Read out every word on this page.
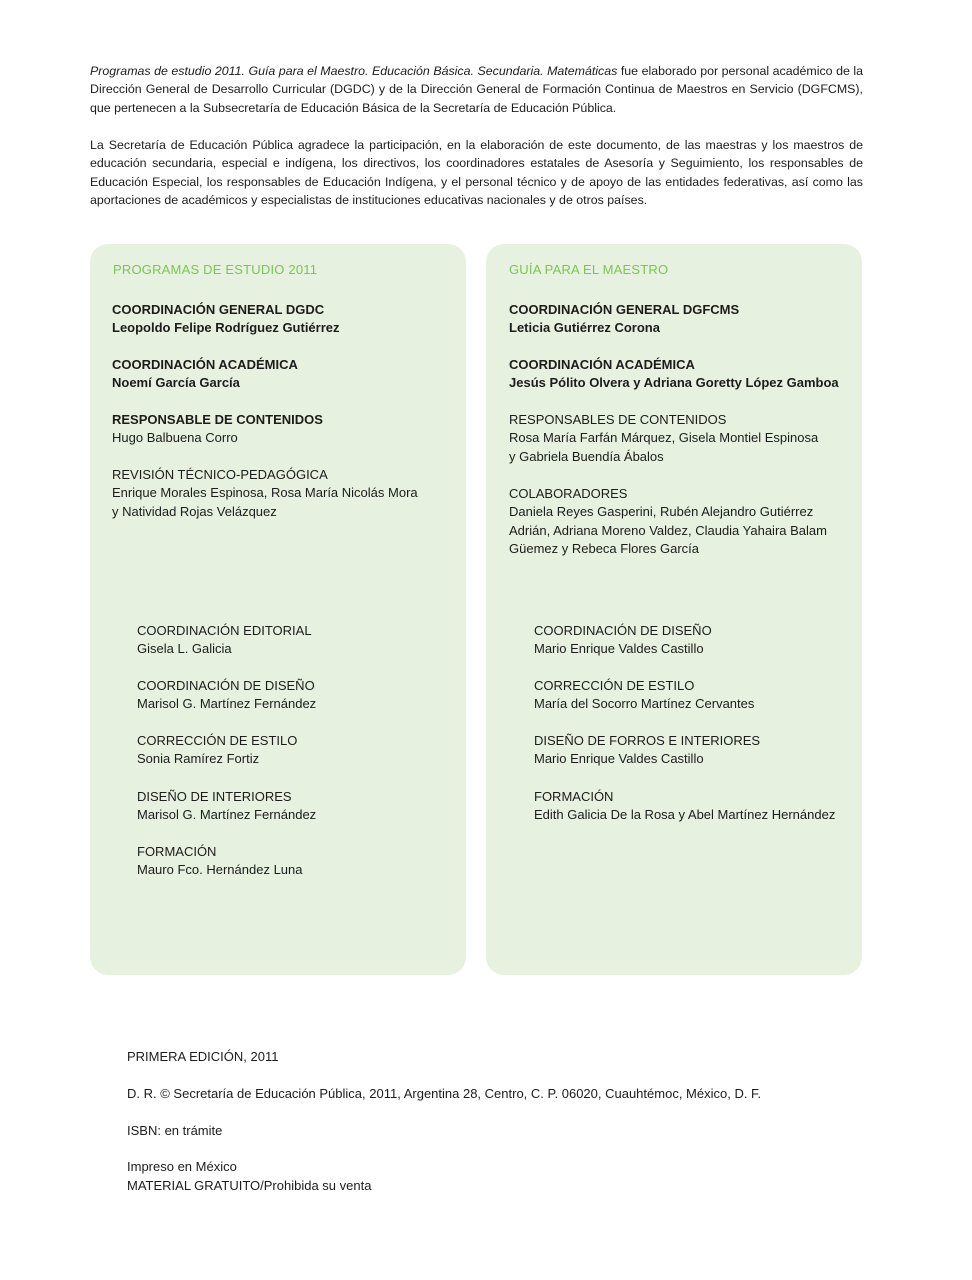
Programas de estudio 2011. Guía para el Maestro. Educación Básica. Secundaria. Matemáticas fue elaborado por personal académico de la Dirección General de Desarrollo Curricular (DGDC) y de la Dirección General de Formación Continua de Maestros en Servicio (DGFCMS), que pertenecen a la Subsecretaría de Educación Básica de la Secretaría de Educación Pública.

La Secretaría de Educación Pública agradece la participación, en la elaboración de este documento, de las maestras y los maestros de educación secundaria, especial e indígena, los directivos, los coordinadores estatales de Asesoría y Seguimiento, los responsables de Educación Especial, los responsables de Educación Indígena, y el personal técnico y de apoyo de las entidades federativas, así como las aportaciones de académicos y especialistas de instituciones educativas nacionales y de otros países.

PROGRAMAS DE ESTUDIO 2011
COORDINACIÓN GENERAL DGDC
Leopoldo Felipe Rodríguez Gutiérrez
COORDINACIÓN ACADÉMICA
Noemí García García
RESPONSABLE DE CONTENIDOS
Hugo Balbuena Corro
REVISIÓN TÉCNICO-PEDAGÓGICA
Enrique Morales Espinosa, Rosa María Nicolás Mora
y Natividad Rojas Velázquez
COORDINACIÓN EDITORIAL
Gisela L. Galicia
COORDINACIÓN DE DISEÑO
Marisol G. Martínez Fernández
CORRECCIÓN DE ESTILO
Sonia Ramírez Fortiz
DISEÑO DE INTERIORES
Marisol G. Martínez Fernández
FORMACIÓN
Mauro Fco. Hernández Luna
GUÍA PARA EL MAESTRO
COORDINACIÓN GENERAL DGFCMS
Leticia Gutiérrez Corona
COORDINACIÓN ACADÉMICA
Jesús Pólito Olvera y Adriana Goretty López Gamboa
RESPONSABLES DE CONTENIDOS
Rosa María Farfán Márquez, Gisela Montiel Espinosa
y Gabriela Buendía Ábalos
COLABORADORES
Daniela Reyes Gasperini, Rubén Alejandro Gutiérrez
Adrián, Adriana Moreno Valdez, Claudia Yahaira Balam
Güemez y Rebeca Flores García
COORDINACIÓN DE DISEÑO
Mario Enrique Valdes Castillo
CORRECCIÓN DE ESTILO
María del Socorro Martínez Cervantes
DISEÑO DE FORROS E INTERIORES
Mario Enrique Valdes Castillo
FORMACIÓN
Edith Galicia De la Rosa y Abel Martínez Hernández
PRIMERA EDICIÓN, 2011
D. R. © Secretaría de Educación Pública, 2011, Argentina 28, Centro, C. P. 06020, Cuauhtémoc, México, D. F.
ISBN: en trámite
Impreso en México
MATERIAL GRATUITO/Prohibida su venta
